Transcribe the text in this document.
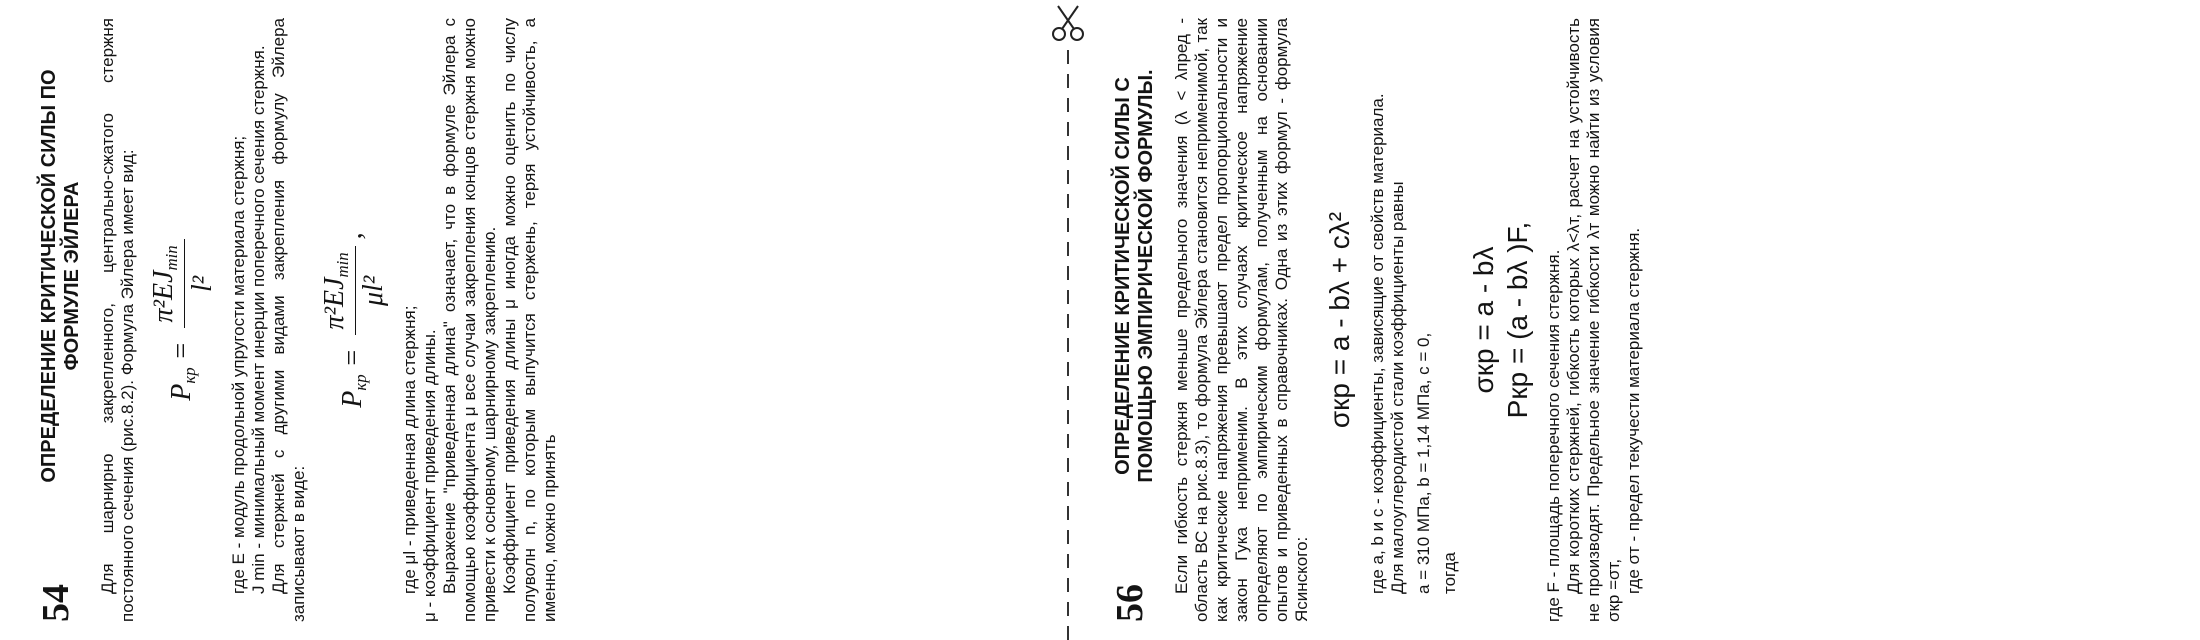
54
ОПРЕДЕЛЕНИЕ КРИТИЧЕСКОЙ СИЛЫ ПО ФОРМУЛЕ ЭЙЛЕРА Для шарнирно закрепленного, центрально-сжатого стержня постоянного сечения (рис.8.2). Формула Эйлера имеет вид:	$P_{кр}$ =
$\pi^2EJ_{min}$
l² где E - модуль продольной упругости материала стержня; J min - минимальный момент инерции поперечного сечения стержня. Для стержней с другими видами закрепления формулу Эйлера записывают в виде:

$P_{кр}$ =
$\pi^2EJ_{min}$
μl²
,

где μl - приведенная длина стержня; μ - коэффициент приведения длины. Выражение "приведенная длина" означает, что в формуле Эйлера с помощью коэффициента μ все случаи закрепления концов стержня можно привести к основному, шарнирному закреплению. Коэффициент приведения длины μ иногда можно оценить по числу полуволн n, по которым выпучится стержень, теряя устойчивость, а именно, можно принять	56
ОПРЕДЕЛЕНИЕ КРИТИЧЕСКОЙ СИЛЫ С ПОМОЩЬЮ ЭМПИРИЧЕСКОЙ ФОРМУЛЫ. Если гибкость стержня меньше предельного значения (λ < λпред - область ВС на рис.8.3), то формула Эйлера становится неприменимой, так как критические напряжения превышают предел пропорциональности и закон Гука неприменим. В этих случаях критическое напряжение определяют по эмпирическим формулам, полученным на основании опытов и приведенных в справочниках. Одна из этих формул - формула Ясинского:

σкр = a - bλ + cλ² где a, b и c - коэффициенты, зависящие от свойств материала. Для малоуглеродистой стали коэффициенты равны a = 310 МПа, b = 1,14 МПа, c = 0, тогда

σкр = a - bλ Pкр = (a - bλ )F, где F - площадь поперечного сечения стержня. Для коротких стержней, гибкость которых λ<λт, расчет на устойчивость не производят. Предельное значение гибкости λт можно найти из условия σкр =σт, где σт - предел текучести материала стержня.
